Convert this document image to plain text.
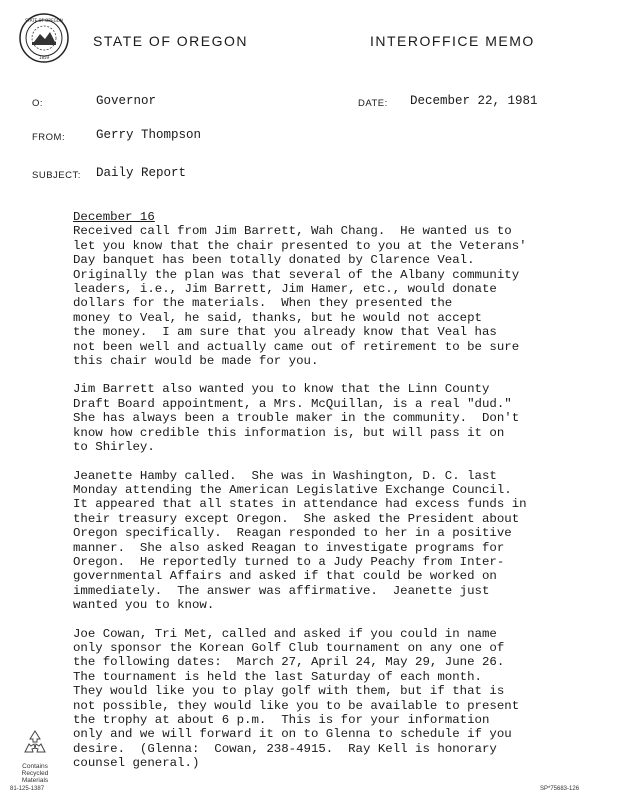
STATE OF OREGON
1859
STATE OF OREGON	INTEROFFICE MEMO
O:	Governor	DATE: December 22, 1981
FROM: Gerry Thompson
SUBJECT: Daily Report
December 16
Received call from Jim Barrett, Wah Chang.  He wanted us to
let you know that the chair presented to you at the Veterans'
Day banquet has been totally donated by Clarence Veal.
Originally the plan was that several of the Albany community
leaders, i.e., Jim Barrett, Jim Hamer, etc., would donate
dollars for the materials.  When they presented the
money to Veal, he said, thanks, but he would not accept
the money.  I am sure that you already know that Veal has
not been well and actually came out of retirement to be sure
this chair would be made for you.
Jim Barrett also wanted you to know that the Linn County
Draft Board appointment, a Mrs. McQuillan, is a real "dud."
She has always been a trouble maker in the community.  Don't
know how credible this information is, but will pass it on
to Shirley.
Jeanette Hamby called.  She was in Washington, D. C. last
Monday attending the American Legislative Exchange Council.
It appeared that all states in attendance had excess funds in
their treasury except Oregon.  She asked the President about
Oregon specifically.  Reagan responded to her in a positive
manner.  She also asked Reagan to investigate programs for
Oregon.  He reportedly turned to a Judy Peachy from Inter-
governmental Affairs and asked if that could be worked on
immediately.  The answer was affirmative.  Jeanette just
wanted you to know.
Joe Cowan, Tri Met, called and asked if you could in name
only sponsor the Korean Golf Club tournament on any one of
the following dates:  March 27, April 24, May 29, June 26.
The tournament is held the last Saturday of each month.
They would like you to play golf with them, but if that is
not possible, they would like you to be available to present
the trophy at about 6 p.m.  This is for your information
only and we will forward it on to Glenna to schedule if you
desire.  (Glenna:  Cowan, 238-4915.  Ray Kell is honorary
counsel general.)
Contains
Recycled
Materials
81-125-1387	SP*75683-126
